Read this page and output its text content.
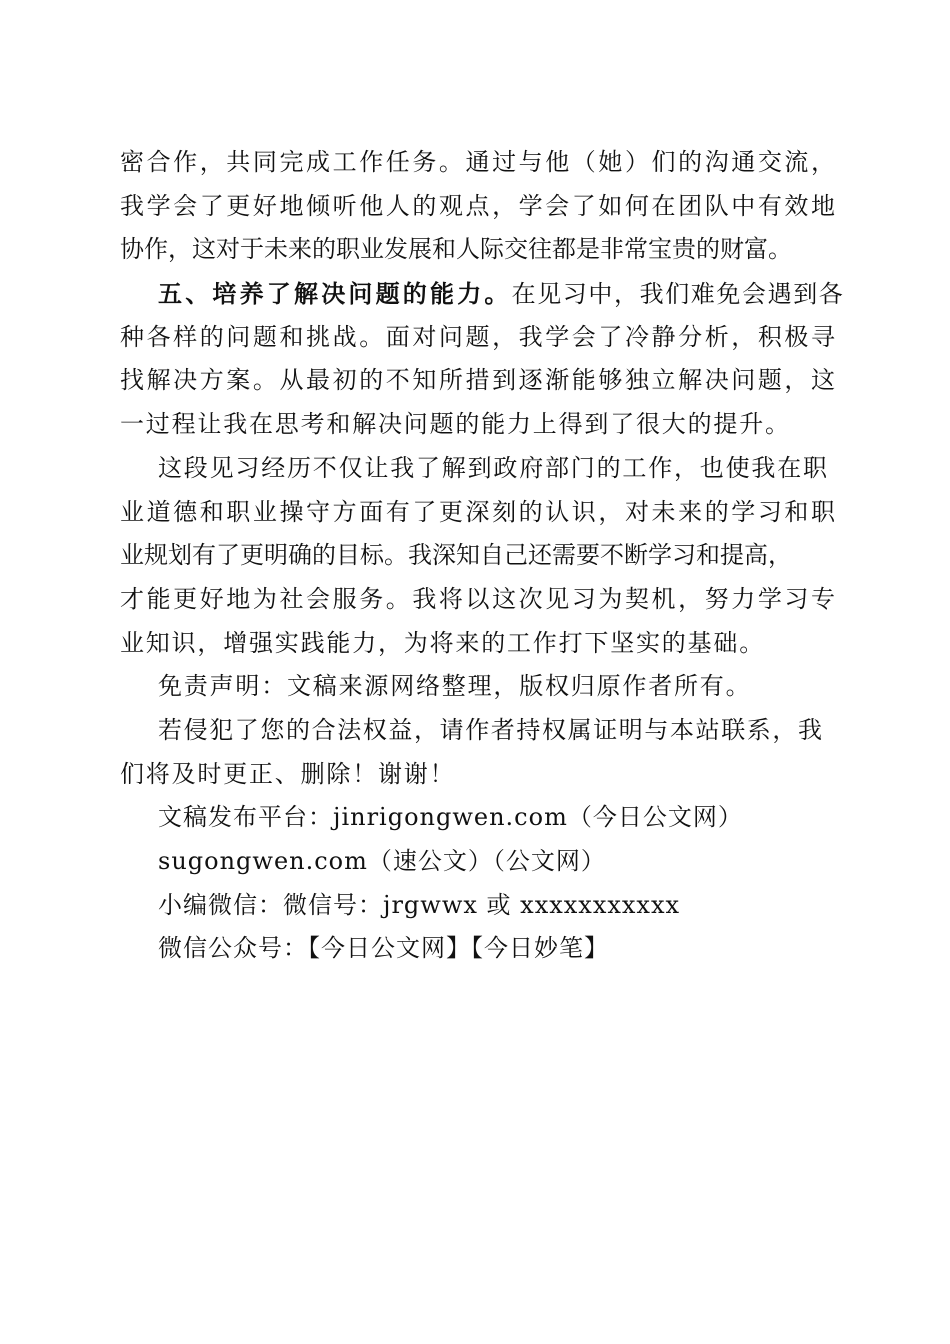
密合作，共同完成工作任务。通过与他（她）们的沟通交流，
我学会了更好地倾听他人的观点，学会了如何在团队中有效地
协作，这对于未来的职业发展和人际交往都是非常宝贵的财富。
五、培养了解决问题的能力。在见习中，我们难免会遇到各
种各样的问题和挑战。面对问题，我学会了冷静分析，积极寻
找解决方案。从最初的不知所措到逐渐能够独立解决问题，这
一过程让我在思考和解决问题的能力上得到了很大的提升。
这段见习经历不仅让我了解到政府部门的工作，也使我在职
业道德和职业操守方面有了更深刻的认识，对未来的学习和职
业规划有了更明确的目标。我深知自己还需要不断学习和提高，
才能更好地为社会服务。我将以这次见习为契机，努力学习专
业知识，增强实践能力，为将来的工作打下坚实的基础。
免责声明：文稿来源网络整理，版权归原作者所有。
若侵犯了您的合法权益，请作者持权属证明与本站联系，我
们将及时更正、删除！谢谢！
文稿发布平台：jinrigongwen.com（今日公文网）
sugongwen.com（速公文）（公文网）
小编微信：微信号：jrgwwx 或 xxxxxxxxxxx
微信公众号：【今日公文网】【今日妙笔】
